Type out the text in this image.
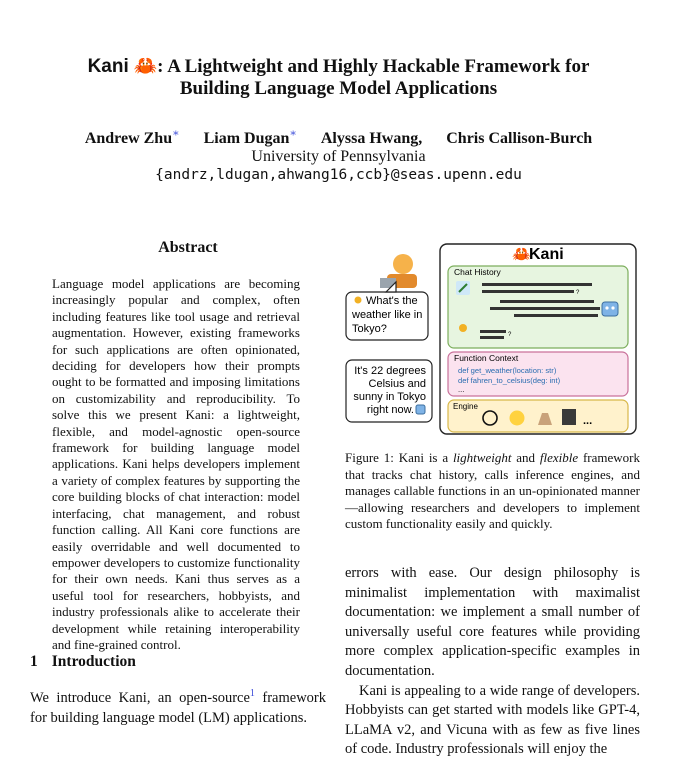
Kani 🦀: A Lightweight and Highly Hackable Framework for
Building Language Model Applications
Andrew Zhu∗ Liam Dugan∗ Alyssa Hwang, Chris Callison-Burch
University of Pennsylvania
{andrz,ldugan,ahwang16,ccb}@seas.upenn.edu
Abstract
Language model applications are becoming increasingly popular and complex, often including features like tool usage and retrieval augmentation. However, existing frameworks for such applications are often opinionated, deciding for developers how their prompts ought to be formatted and imposing limitations on customizability and reproducibility. To solve this we present Kani: a lightweight, flexible, and model-agnostic open-source framework for building language model applications. Kani helps developers implement a variety of complex features by supporting the core building blocks of chat interaction: model interfacing, chat management, and robust function calling. All Kani core functions are easily overridable and well documented to empower developers to customize functionality for their own needs. Kani thus serves as a useful tool for researchers, hobbyists, and industry professionals alike to accelerate their development while retaining interoperability and fine-grained control.
1 Introduction
We introduce Kani, an open-source$^1$ framework for building language model (LM) applications.
🦀
Kani
Chat History
?
?
Function Context
def get_weather(location: str)
def fahren_to_celsius(deg: int)
...
Engine
...
What's the
weather like in
Tokyo?
It's 22 degrees
Celsius and
sunny in Tokyo
right now.
Figure 1: Kani is a lightweight and flexible framework that tracks chat history, calls inference engines, and manages callable functions in an un-opinionated manner—allowing researchers and developers to implement custom functionality easily and quickly.

errors with ease. Our design philosophy is minimalist implementation with maximalist documentation: we implement a small number of universally useful core features while providing more complex application-specific examples in documentation.

Kani is appealing to a wide range of developers. Hobbyists can get started with models like GPT-4, LLaMA v2, and Vicuna with as few as five lines of code. Industry professionals will enjoy the
